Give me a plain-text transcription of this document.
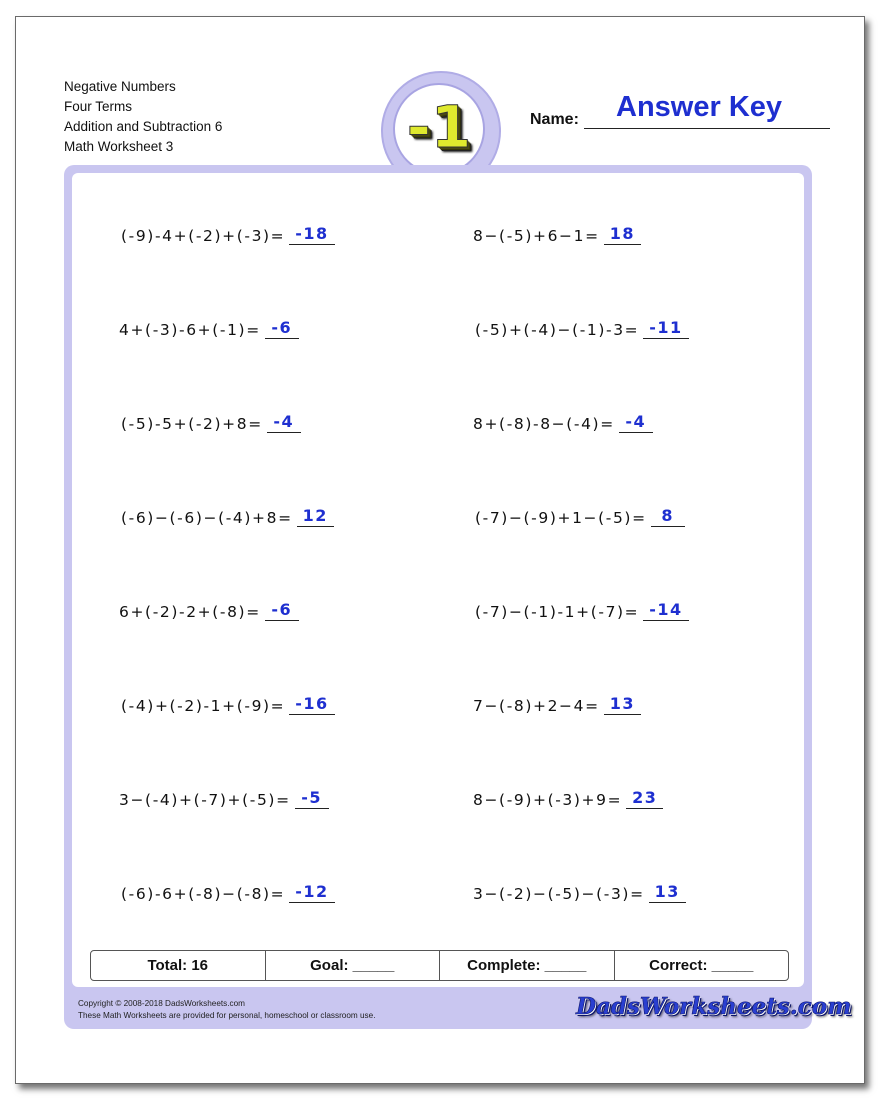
Negative Numbers
Four Terms
Addition and Subtraction 6
Math Worksheet 3	-1	Name: Answer Key
(-9)-4+(-2)+(-3)= -18	8−(-5)+6−1= 18
4+(-3)-6+(-1)= -6	(-5)+(-4)−(-1)-3= -11
(-5)-5+(-2)+8= -4	8+(-8)-8−(-4)= -4
(-6)−(-6)−(-4)+8= 12	(-7)−(-9)+1−(-5)= 8
6+(-2)-2+(-8)= -6	(-7)−(-1)-1+(-7)= -14
(-4)+(-2)-1+(-9)= -16	7−(-8)+2−4= 13
3−(-4)+(-7)+(-5)= -5	8−(-9)+(-3)+9= 23
(-6)-6+(-8)−(-8)= -12	3−(-2)−(-5)−(-3)= 13
Total: 16	Goal: _____	Complete: _____	Correct: _____
Copyright © 2008-2018 DadsWorksheets.com
These Math Worksheets are provided for personal, homeschool or classroom use.	DadsWorksheets.com
